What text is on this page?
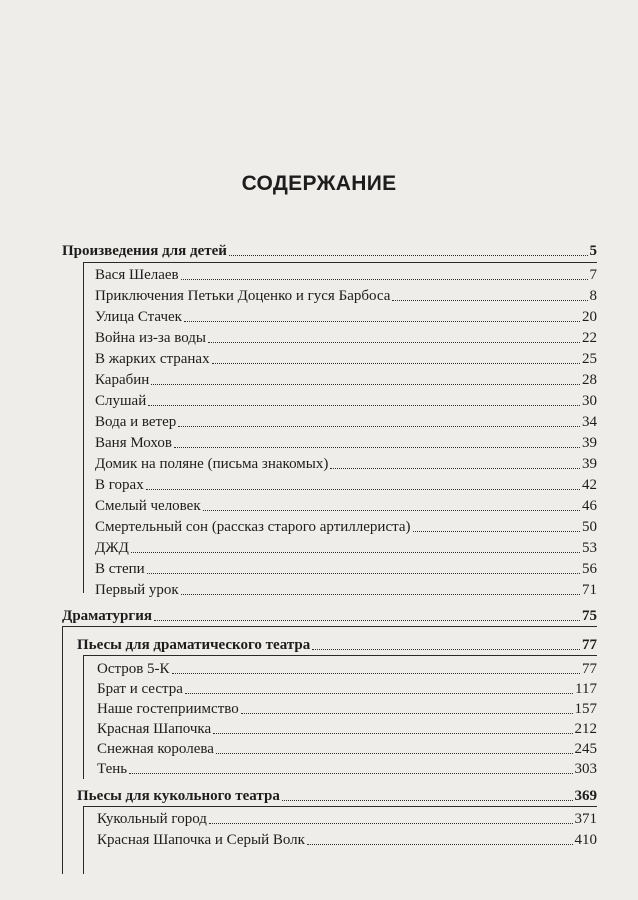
СОДЕРЖАНИЕ
Произведения для детей	5
Вася Шелаев	7
Приключения Петьки Доценко и гуся Барбоса	8
Улица Стачек	20
Война из-за воды	22
В жарких странах	25
Карабин	28
Слушай	30
Вода и ветер	34
Ваня Мохов	39
Домик на поляне (письма знакомых)	39
В горах	42
Смелый человек	46
Смертельный сон (рассказ старого артиллериста)	50
ДЖД	53
В степи	56
Первый урок	71
Драматургия	75
Пьесы для драматического театра	77
Остров 5-К	77
Брат и сестра	117
Наше гостеприимство	157
Красная Шапочка	212
Снежная королева	245
Тень	303
Пьесы для кукольного театра	369
Кукольный город	371
Красная Шапочка и Серый Волк	410
